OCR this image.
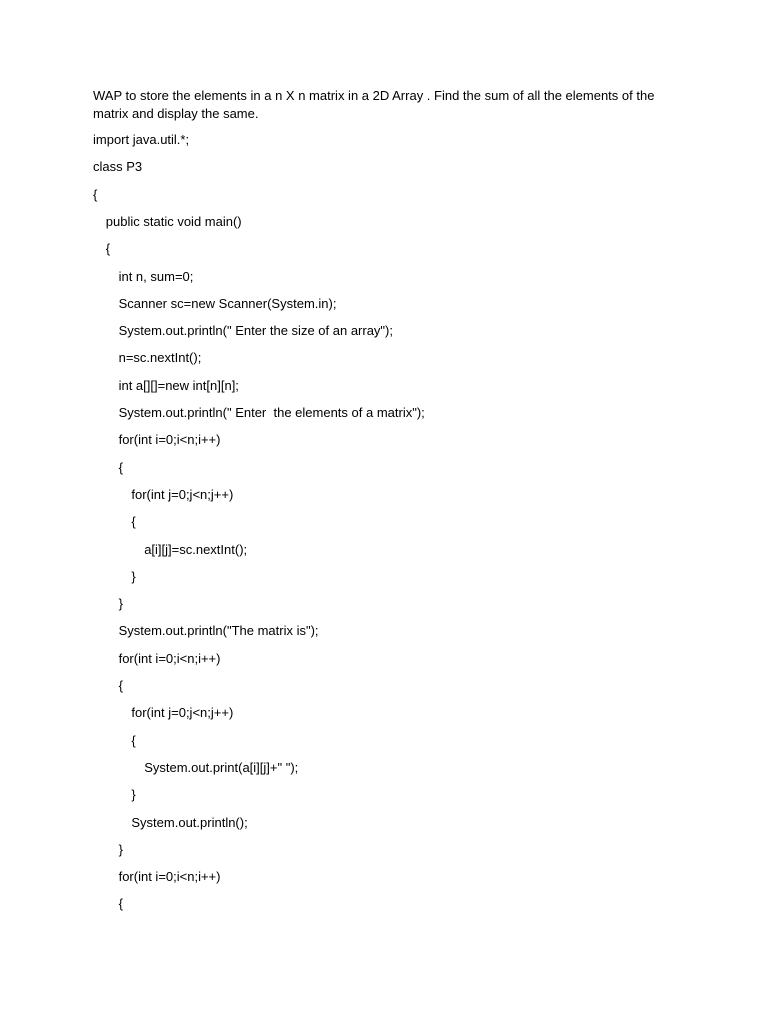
WAP to store the elements in a n X n matrix in a 2D Array . Find the sum of all the elements of the matrix and display the same.

import java.util.*;
class P3
{
public static void main()
{
int n, sum=0;
Scanner sc=new Scanner(System.in);
System.out.println(" Enter the size of an array");
n=sc.nextInt();
int a[][]=new int[n][n];
System.out.println(" Enter  the elements of a matrix");
for(int i=0;i<n;i++)
{
for(int j=0;j<n;j++)
{
a[i][j]=sc.nextInt();
}
}
System.out.println("The matrix is");
for(int i=0;i<n;i++)
{
for(int j=0;j<n;j++)
{
System.out.print(a[i][j]+" ");
}
System.out.println();
}
for(int i=0;i<n;i++)
{
